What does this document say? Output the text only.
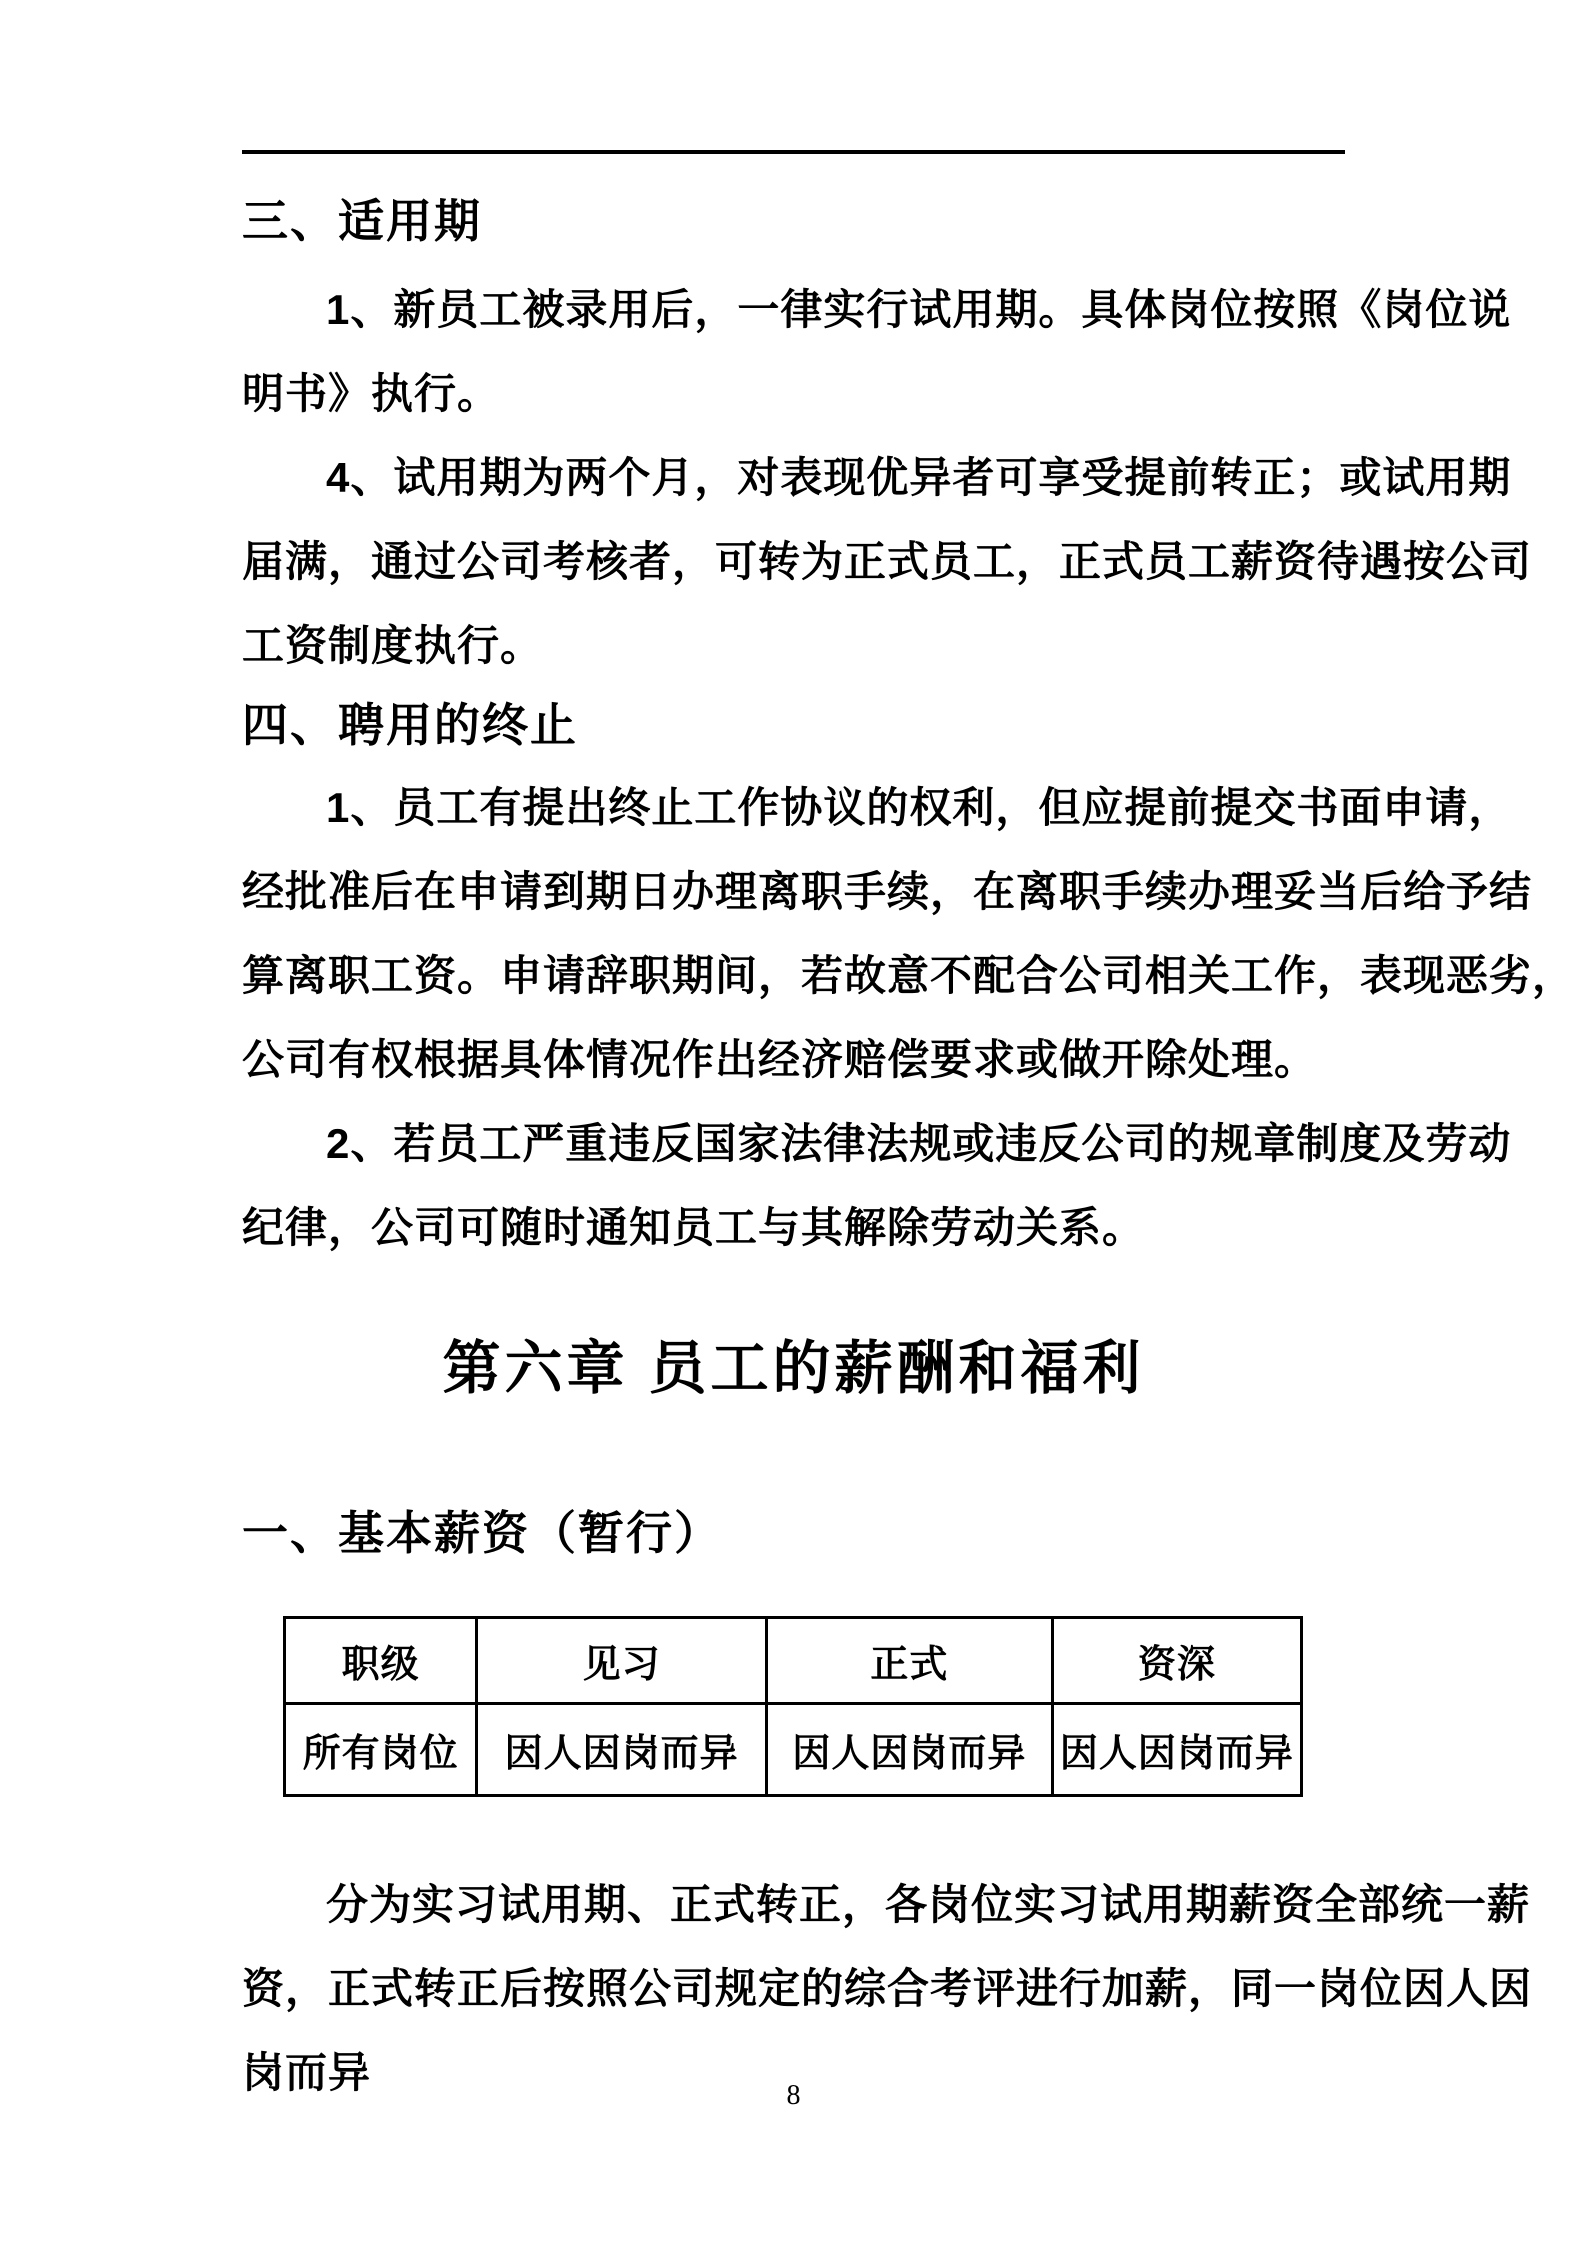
三、适用期
1、新员工被录用后，一律实行试用期。具体岗位按照《岗位说
明书》执行。
4、试用期为两个月，对表现优异者可享受提前转正；或试用期
届满，通过公司考核者，可转为正式员工，正式员工薪资待遇按公司
工资制度执行。
四、聘用的终止
1、员工有提出终止工作协议的权利，但应提前提交书面申请，
经批准后在申请到期日办理离职手续，在离职手续办理妥当后给予结
算离职工资。申请辞职期间，若故意不配合公司相关工作，表现恶劣，
公司有权根据具体情况作出经济赔偿要求或做开除处理。
2、若员工严重违反国家法律法规或违反公司的规章制度及劳动
纪律，公司可随时通知员工与其解除劳动关系。
第六章 员工的薪酬和福利
一、基本薪资（暂行）
职级	见习	正式	资深
所有岗位	因人因岗而异	因人因岗而异	因人因岗而异
分为实习试用期、正式转正，各岗位实习试用期薪资全部统一薪
资，正式转正后按照公司规定的综合考评进行加薪，同一岗位因人因
岗而异	8
